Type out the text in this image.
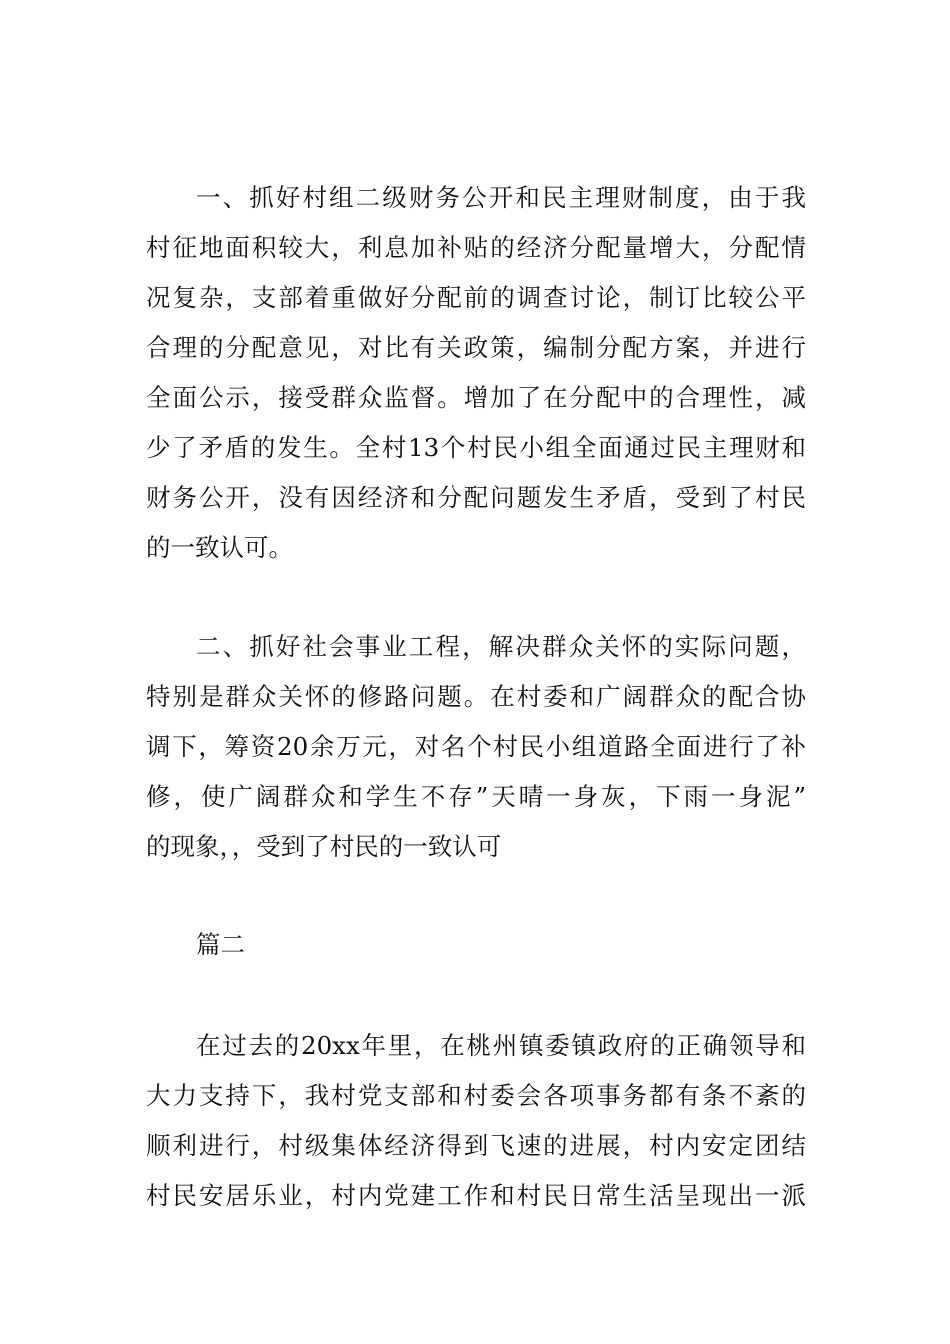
一、抓好村组二级财务公开和民主理财制度，由于我
村征地面积较大，利息加补贴的经济分配量增大，分配情
况复杂，支部着重做好分配前的调查讨论，制订比较公平
合理的分配意见，对比有关政策，编制分配方案，并进行
全面公示，接受群众监督。增加了在分配中的合理性，减
少了矛盾的发生。全村13个村民小组全面通过民主理财和
财务公开，没有因经济和分配问题发生矛盾，受到了村民
的一致认可。
二、抓好社会事业工程，解决群众关怀的实际问题，
特别是群众关怀的修路问题。在村委和广阔群众的配合协
调下，筹资20余万元，对名个村民小组道路全面进行了补
修，使广阔群众和学生不存”天晴一身灰，下雨一身泥”
的现象，，受到了村民的一致认可
篇二
在过去的20xx年里，在桃州镇委镇政府的正确领导和
大力支持下，我村党支部和村委会各项事务都有条不紊的
顺利进行，村级集体经济得到飞速的进展，村内安定团结
村民安居乐业，村内党建工作和村民日常生活呈现出一派
